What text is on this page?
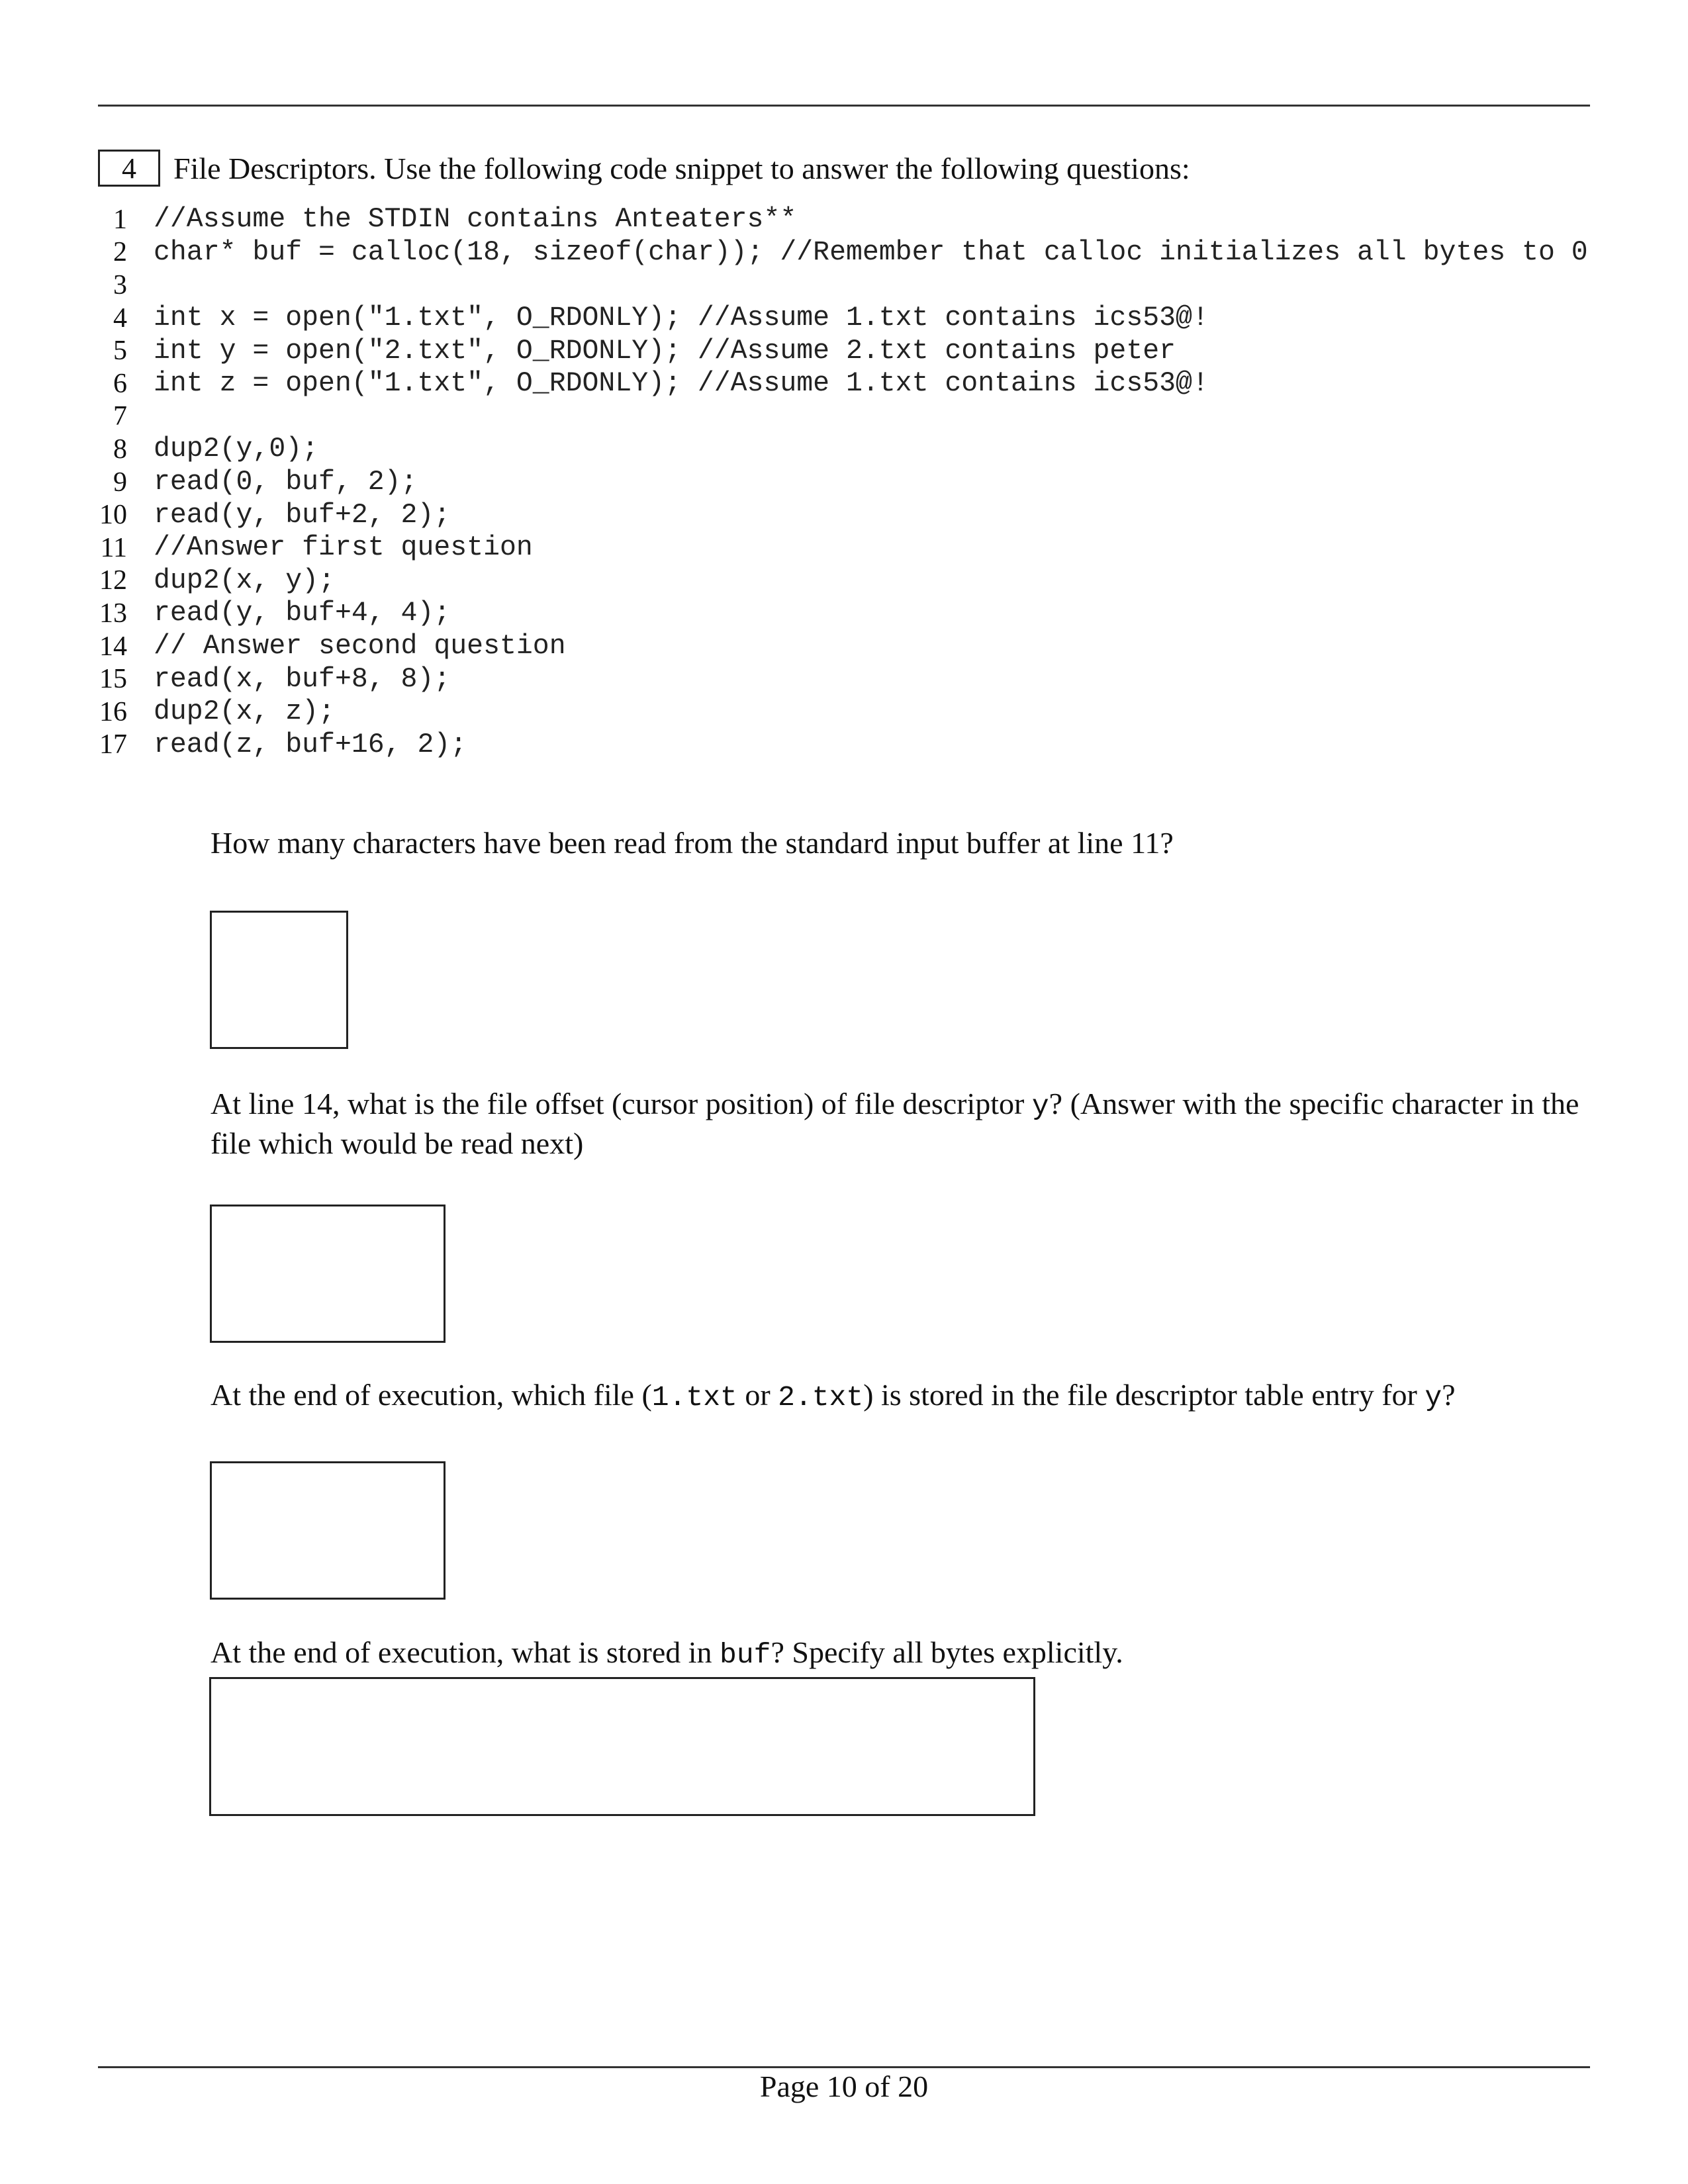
4	File Descriptors. Use the following code snippet to answer the following questions:
1 //Assume the STDIN contains Anteaters**
2 char* buf = calloc(18, sizeof(char)); //Remember that calloc initializes all bytes to 0
3
4 int x = open("1.txt", O_RDONLY); //Assume 1.txt contains ics53@!
5 int y = open("2.txt", O_RDONLY); //Assume 2.txt contains peter
6 int z = open("1.txt", O_RDONLY); //Assume 1.txt contains ics53@!
7
8 dup2(y,0);
9 read(0, buf, 2);
10 read(y, buf+2, 2);
11 //Answer first question
12 dup2(x, y);
13 read(y, buf+4, 4);
14 // Answer second question
15 read(x, buf+8, 8);
16 dup2(x, z);
17 read(z, buf+16, 2);
How many characters have been read from the standard input buffer at line 11?
At line 14, what is the file offset (cursor position) of file descriptor y? (Answer with the specific character in the file which would be read next)
At the end of execution, which file (1.txt or 2.txt) is stored in the file descriptor table entry for y?
At the end of execution, what is stored in buf? Specify all bytes explicitly.
Page 10 of 20
